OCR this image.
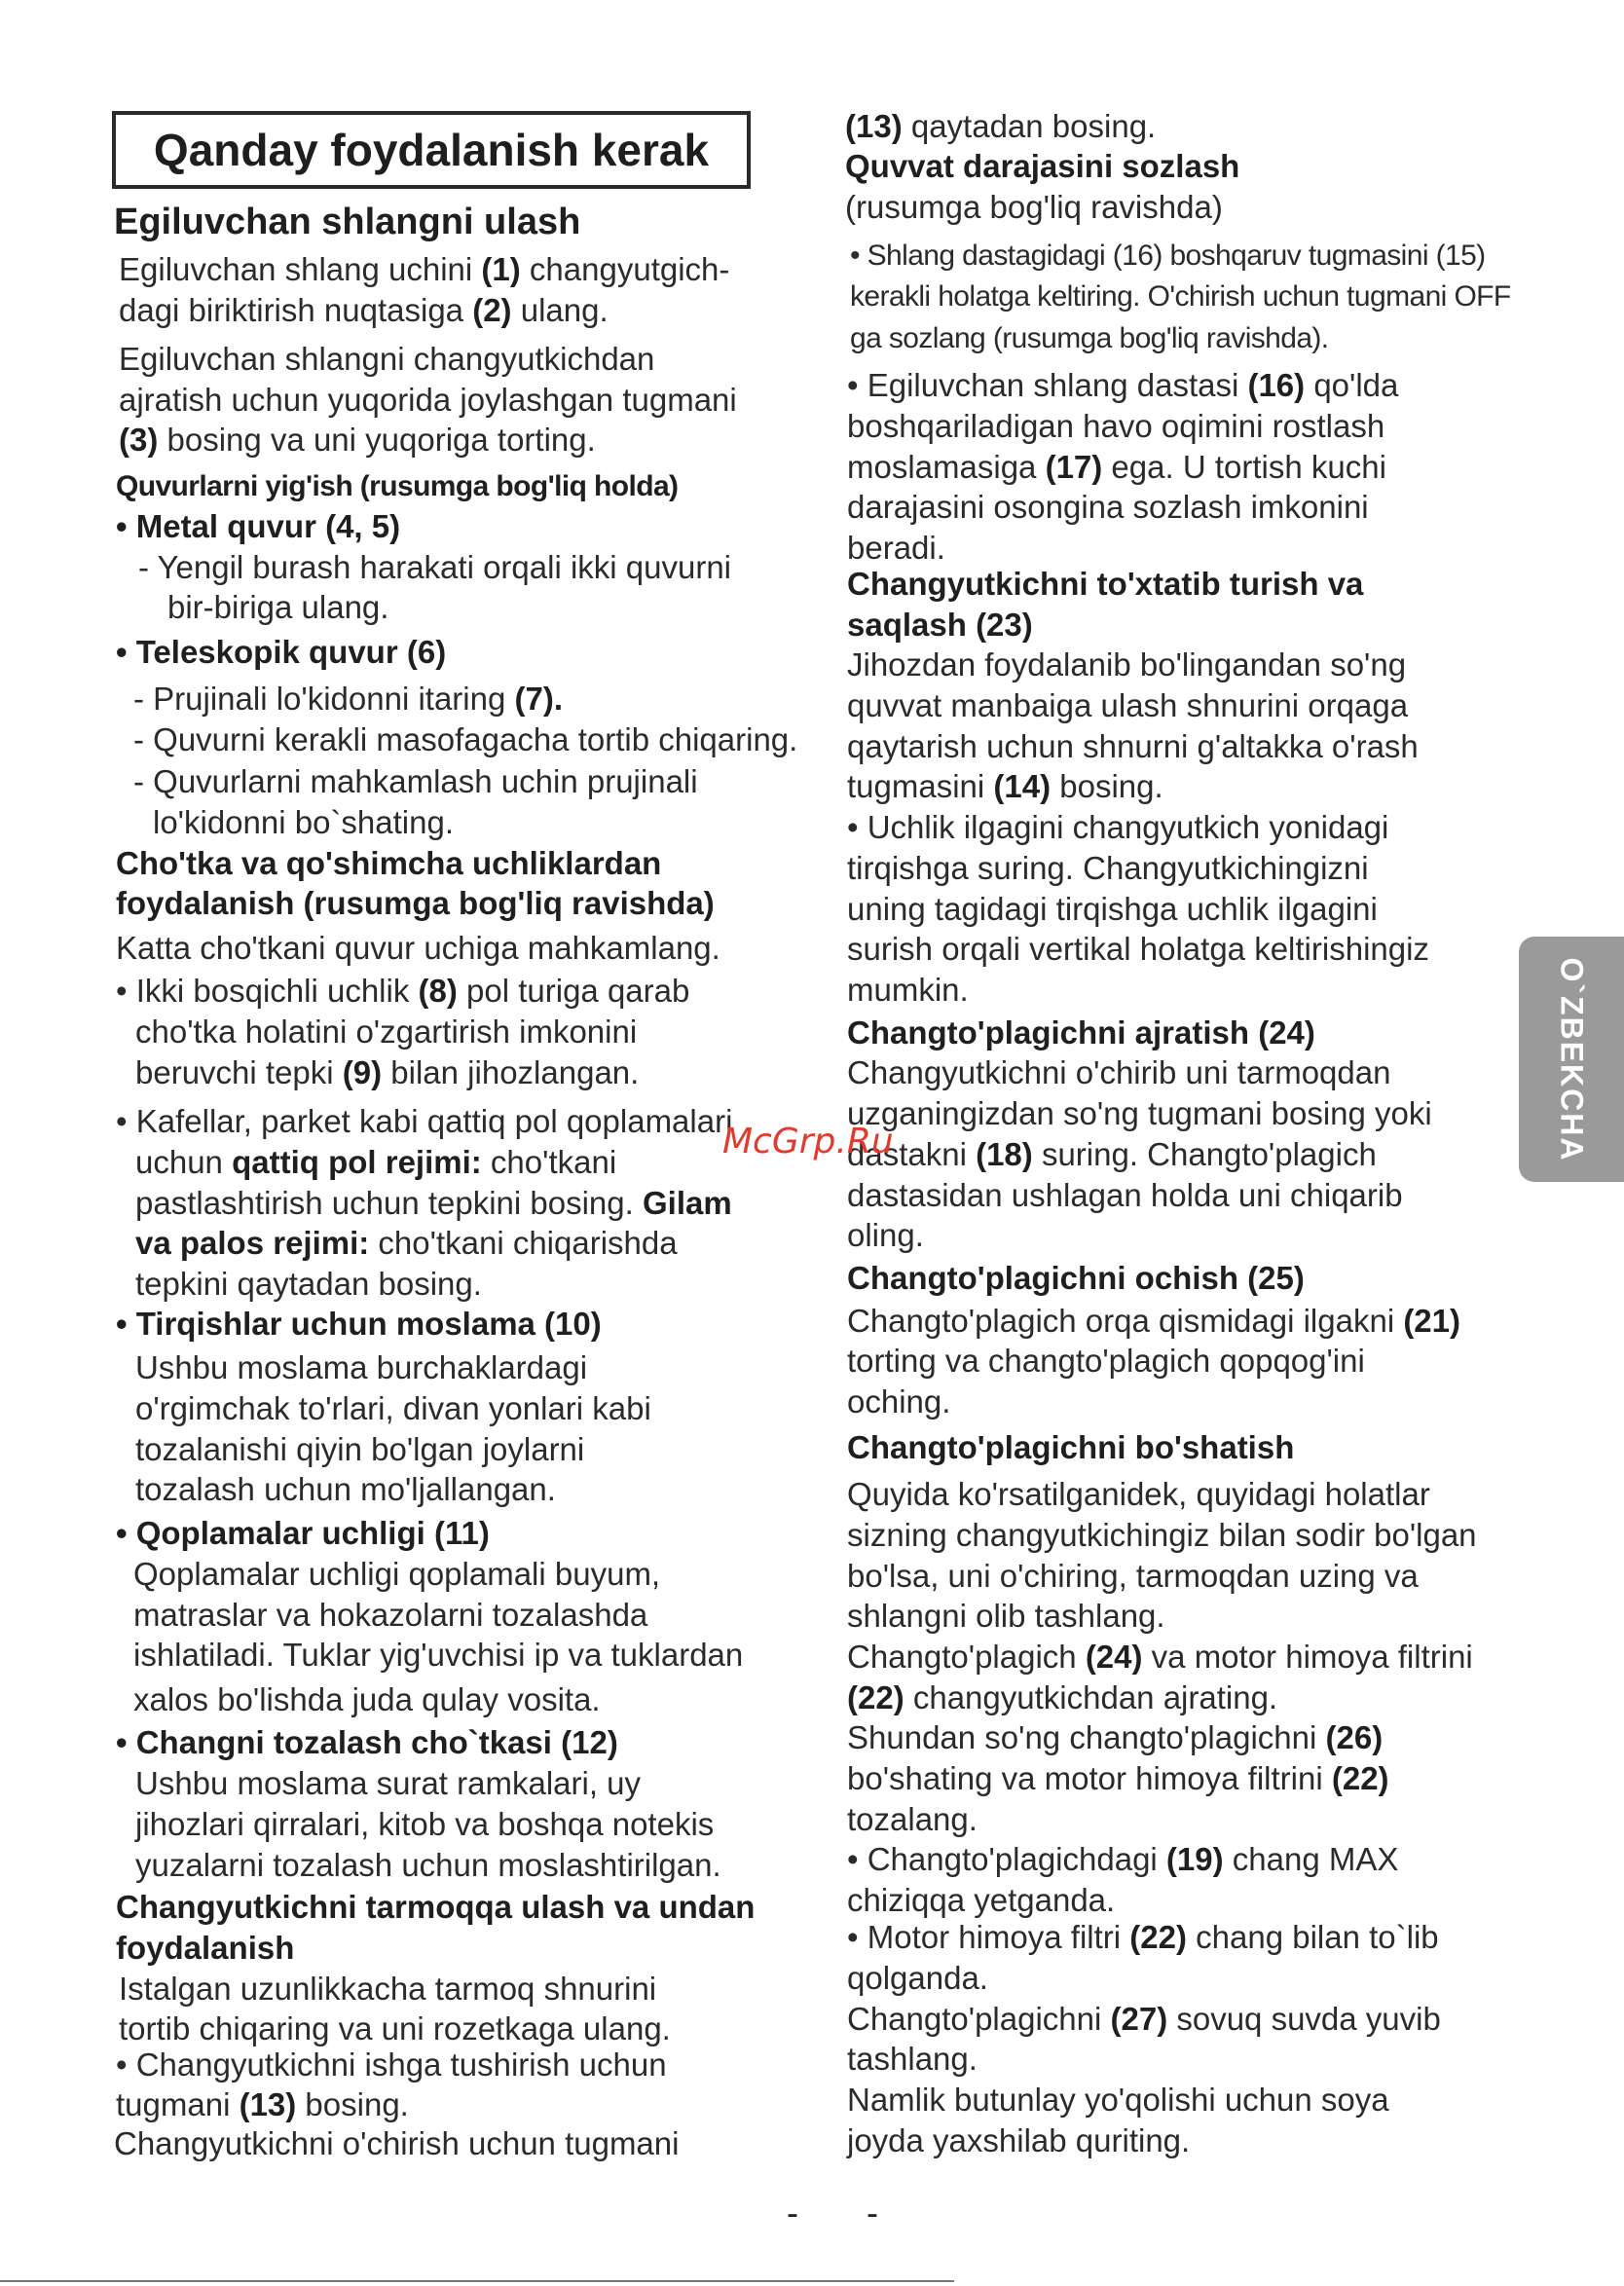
Qanday foydalanish kerak
Egiluvchan shlangni ulash
Egiluvchan shlang uchini (1) changyutgich-
dagi biriktirish nuqtasiga (2) ulang.
Egiluvchan shlangni changyutkichdan
ajratish uchun yuqorida joylashgan tugmani
(3) bosing va uni yuqoriga torting.
Quvurlarni yig'ish (rusumga bog'liq holda)
• Metal quvur (4, 5)
- Yengil burash harakati orqali ikki quvurni
bir-biriga ulang.
• Teleskopik quvur (6)
- Prujinali lo'kidonni itaring (7).
- Quvurni kerakli masofagacha tortib chiqaring.
- Quvurlarni mahkamlash uchin prujinali
lo'kidonni bo`shating.
Cho'tka va qo'shimcha uchliklardan
foydalanish (rusumga bog'liq ravishda)
Katta cho'tkani quvur uchiga mahkamlang.
• Ikki bosqichli uchlik (8) pol turiga qarab
cho'tka holatini o'zgartirish imkonini
beruvchi tepki (9) bilan jihozlangan.
• Kafellar, parket kabi qattiq pol qoplamalari
uchun qattiq pol rejimi: cho'tkani
pastlashtirish uchun tepkini bosing. Gilam
va palos rejimi: cho'tkani chiqarishda
tepkini qaytadan bosing.
• Tirqishlar uchun moslama (10)
Ushbu moslama burchaklardagi
o'rgimchak to'rlari, divan yonlari kabi
tozalanishi qiyin bo'lgan joylarni
tozalash uchun mo'ljallangan.
• Qoplamalar uchligi (11)
Qoplamalar uchligi qoplamali buyum,
matraslar va hokazolarni tozalashda
ishlatiladi. Tuklar yig'uvchisi ip va tuklardan
xalos bo'lishda juda qulay vosita.
• Changni tozalash cho`tkasi (12)
Ushbu moslama surat ramkalari, uy
jihozlari qirralari, kitob va boshqa notekis
yuzalarni tozalash uchun moslashtirilgan.
Changyutkichni tarmoqqa ulash va undan
foydalanish
Istalgan uzunlikkacha tarmoq shnurini
tortib chiqaring va uni rozetkaga ulang.
• Changyutkichni ishga tushirish uchun
tugmani (13) bosing.
Changyutkichni o'chirish uchun tugmani
(13) qaytadan bosing.
Quvvat darajasini sozlash
(rusumga bog'liq ravishda)
• Shlang dastagidagi (16) boshqaruv tugmasini (15)
kerakli holatga keltiring. O'chirish uchun tugmani OFF
ga sozlang (rusumga bog'liq ravishda).
• Egiluvchan shlang dastasi (16) qo'lda
boshqariladigan havo oqimini rostlash
moslamasiga (17) ega. U tortish kuchi
darajasini osongina sozlash imkonini
beradi.
Changyutkichni to'xtatib turish va
saqlash (23)
Jihozdan foydalanib bo'lingandan so'ng
quvvat manbaiga ulash shnurini orqaga
qaytarish uchun shnurni g'altakka o'rash
tugmasini (14) bosing.
• Uchlik ilgagini changyutkich yonidagi
tirqishga suring. Changyutkichingizni
uning tagidagi tirqishga uchlik ilgagini
surish orqali vertikal holatga keltirishingiz
mumkin.
Changto'plagichni ajratish (24)
Changyutkichni o'chirib uni tarmoqdan
uzganingizdan so'ng tugmani bosing yoki
dastakni (18) suring. Changto'plagich
dastasidan ushlagan holda uni chiqarib
oling.
Changto'plagichni ochish (25)
Changto'plagich orqa qismidagi ilgakni (21)
torting va changto'plagich qopqog'ini
oching.
Changto'plagichni bo'shatish
Quyida ko'rsatilganidek, quyidagi holatlar
sizning changyutkichingiz bilan sodir bo'lgan
bo'lsa, uni o'chiring, tarmoqdan uzing va
shlangni olib tashlang.
Changto'plagich (24) va motor himoya filtrini
(22) changyutkichdan ajrating.
Shundan so'ng changto'plagichni (26)
bo'shating va motor himoya filtrini (22)
tozalang.
• Changto'plagichdagi (19) chang MAX
chiziqqa yetganda.
• Motor himoya filtri (22) chang bilan to`lib
qolganda.
Changto'plagichni (27) sovuq suvda yuvib
tashlang.
Namlik butunlay yo'qolishi uchun soya
joyda yaxshilab quriting.
O`ZBEKCHA
McGrp.Ru
- -
